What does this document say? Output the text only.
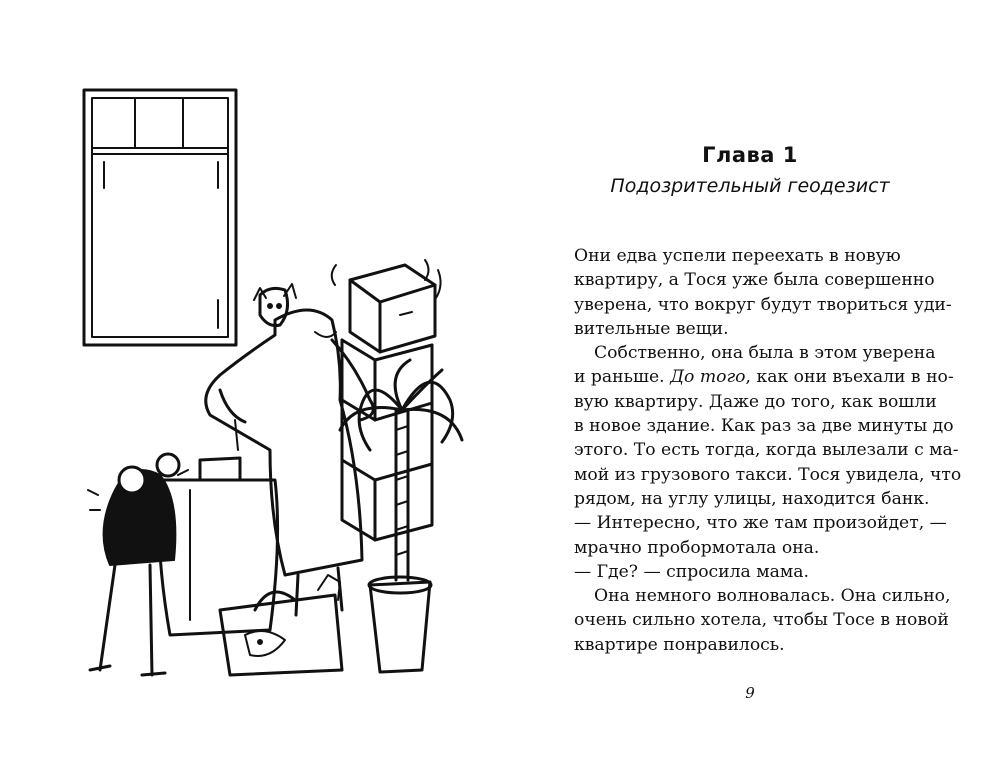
Глава 1
Подозрительный геодезист
Они едва успели переехать в новую
квартиру, а Тося уже была совершенно
уверена, что вокруг будут твориться уди-
вительные вещи.
Собственно, она была в этом уверена
и раньше. До того, как они въехали в но-
вую квартиру. Даже до того, как вошли
в новое здание. Как раз за две минуты до
этого. То есть тогда, когда вылезали с ма-
мой из грузового такси. Тося увидела, что
рядом, на углу улицы, находится банк.
— Интересно, что же там произойдет, —
мрачно пробормотала она.
— Где? — спросила мама.
Она немного волновалась. Она сильно,
очень сильно хотела, чтобы Тосе в новой
квартире понравилось.
9
